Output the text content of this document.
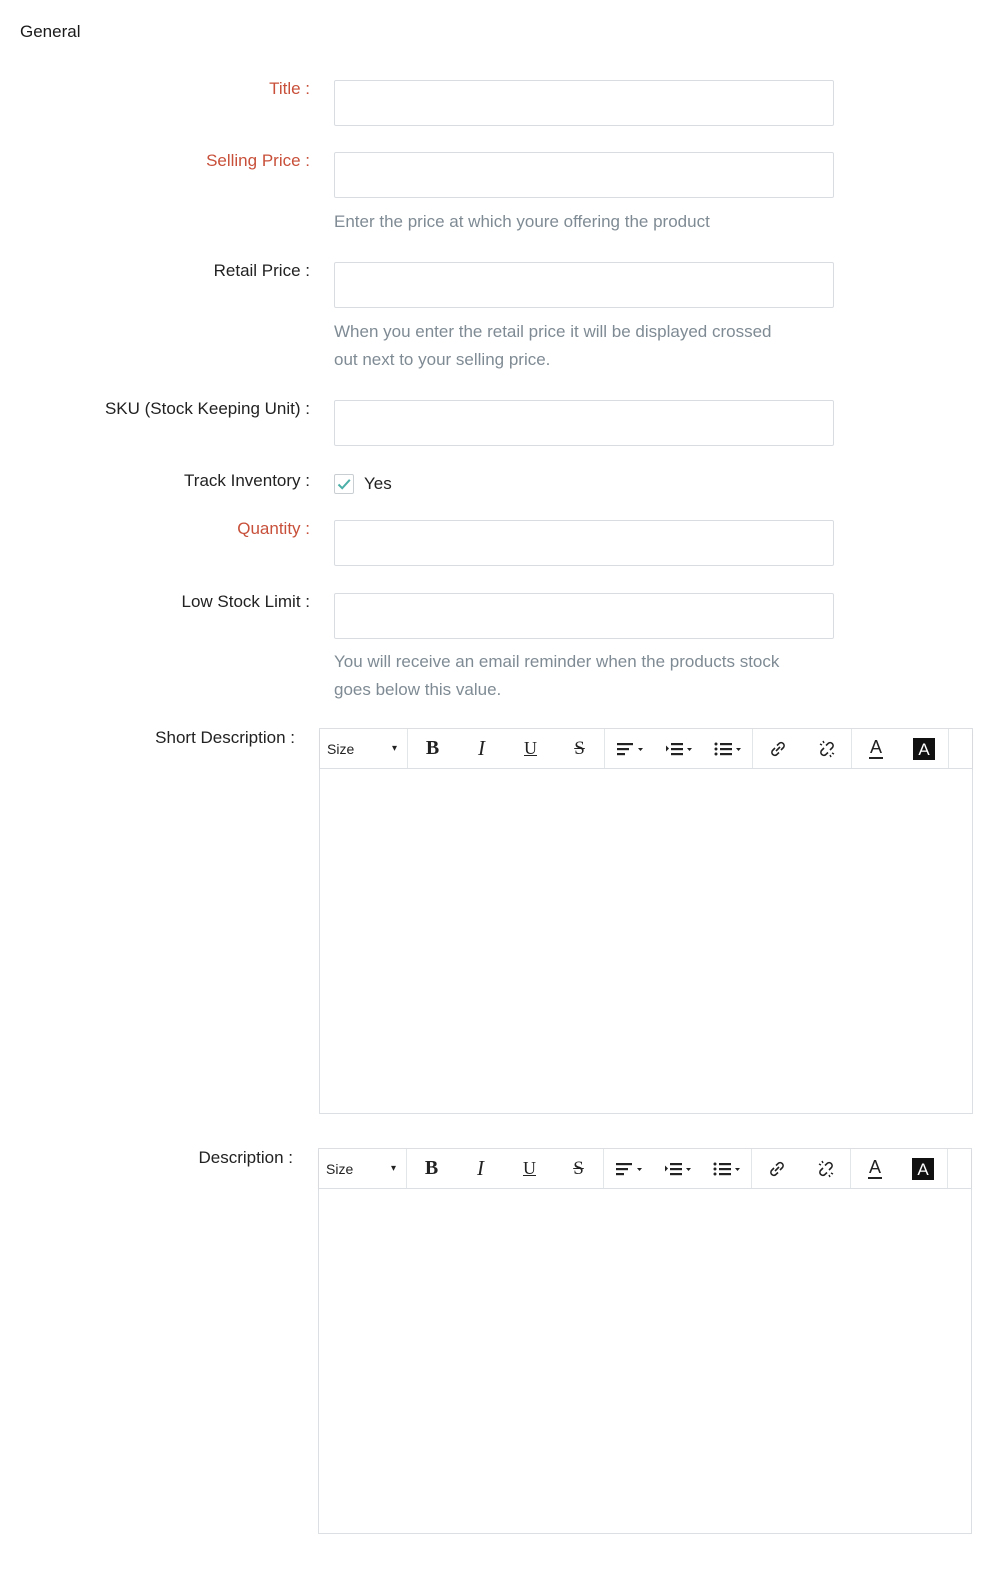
General
Title :
Selling Price :
Enter the price at which youre offering the product
Retail Price :
When you enter the retail price it will be displayed crossed
out next to your selling price.
SKU (Stock Keeping Unit) :
Track Inventory :	Yes
Quantity :
Low Stock Limit :
You will receive an email reminder when the products stock
goes below this value.
Short Description :
Size	▾	B	I	U	S	A A
Description :
Size	▾	B	I	U	S	A A
